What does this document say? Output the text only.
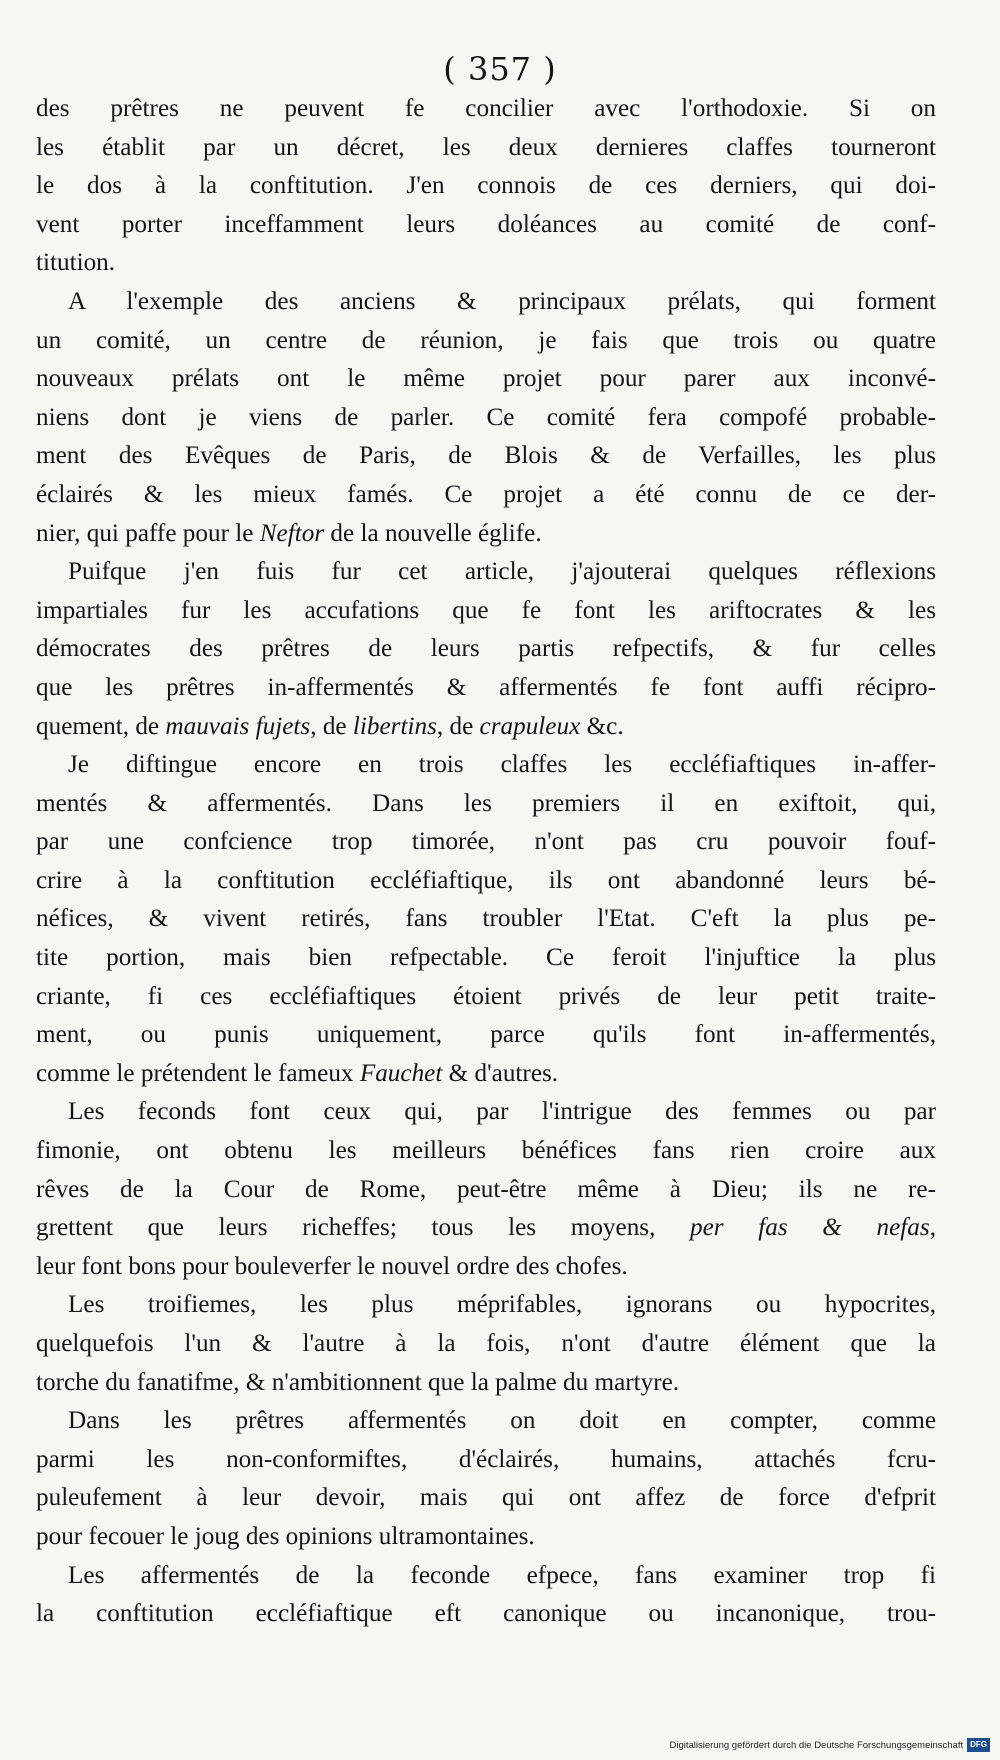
( 357 )
des prêtres ne peuvent fe concilier avec l'orthodoxie. Si on
les établit par un décret, les deux dernieres claffes tourneront
le dos à la conftitution. J'en connois de ces derniers, qui doi-
vent porter inceffamment leurs doléances au comité de conf-
titution.
A l'exemple des anciens & principaux prélats, qui forment
un comité, un centre de réunion, je fais que trois ou quatre
nouveaux prélats ont le même projet pour parer aux inconvé-
niens dont je viens de parler. Ce comité fera compofé probable-
ment des Evêques de Paris, de Blois & de Verfailles, les plus
éclairés & les mieux famés. Ce projet a été connu de ce der-
nier, qui paffe pour le Neftor de la nouvelle églife.
Puifque j'en fuis fur cet article, j'ajouterai quelques réflexions
impartiales fur les accufations que fe font les ariftocrates & les
démocrates des prêtres de leurs partis refpectifs, & fur celles
que les prêtres in-affermentés & affermentés fe font auffi récipro-
quement, de mauvais fujets, de libertins, de crapuleux &c.
Je diftingue encore en trois claffes les eccléfiaftiques in-affer-
mentés & affermentés. Dans les premiers il en exiftoit, qui,
par une confcience trop timorée, n'ont pas cru pouvoir fouf-
crire à la conftitution eccléfiaftique, ils ont abandonné leurs bé-
néfices, & vivent retirés, fans troubler l'Etat. C'eft la plus pe-
tite portion, mais bien refpectable. Ce feroit l'injuftice la plus
criante, fi ces eccléfiaftiques étoient privés de leur petit traite-
ment, ou punis uniquement, parce qu'ils font in-affermentés,
comme le prétendent le fameux Fauchet & d'autres.
Les feconds font ceux qui, par l'intrigue des femmes ou par
fimonie, ont obtenu les meilleurs bénéfices fans rien croire aux
rêves de la Cour de Rome, peut-être même à Dieu; ils ne re-
grettent que leurs richeffes; tous les moyens, per fas & nefas,
leur font bons pour bouleverfer le nouvel ordre des chofes.
Les troifiemes, les plus méprifables, ignorans ou hypocrites,
quelquefois l'un & l'autre à la fois, n'ont d'autre élément que la
torche du fanatifme, & n'ambitionnent que la palme du martyre.
Dans les prêtres affermentés on doit en compter, comme
parmi les non-conformiftes, d'éclairés, humains, attachés fcru-
puleufement à leur devoir, mais qui ont affez de force d'efprit
pour fecouer le joug des opinions ultramontaines.
Les affermentés de la feconde efpece, fans examiner trop fi
la conftitution eccléfiaftique eft canonique ou incanonique, trou-
Digitalisierung gefördert durch die Deutsche Forschungsgemeinschaft DFG
